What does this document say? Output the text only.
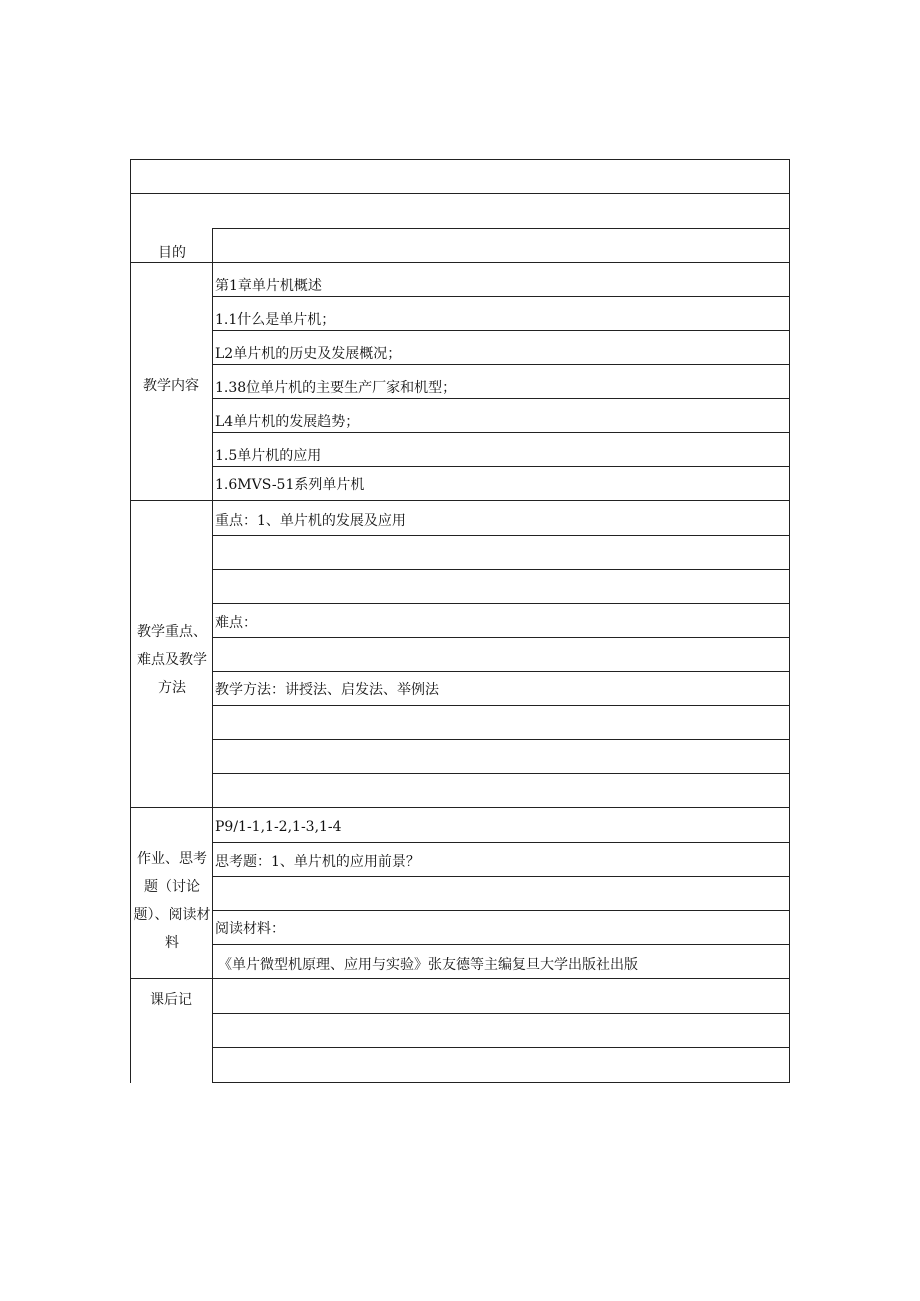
目的
教学内容
教学重点、难点及教学方法
作业、思考题（讨论题）、阅读材料
课后记
第1章单片机概述
1.1什么是单片机；
L2单片机的历史及发展概况；
1.38位单片机的主要生产厂家和机型；
L4单片机的发展趋势；
1.5单片机的应用
1.6MVS-51系列单片机
重点：1、单片机的发展及应用
难点：
教学方法：讲授法、启发法、举例法
P9/1-1,1-2,1-3,1-4
思考题：1、单片机的应用前景？
阅读材料：
《单片微型机原理、应用与实验》张友德等主编复旦大学出版社出版
